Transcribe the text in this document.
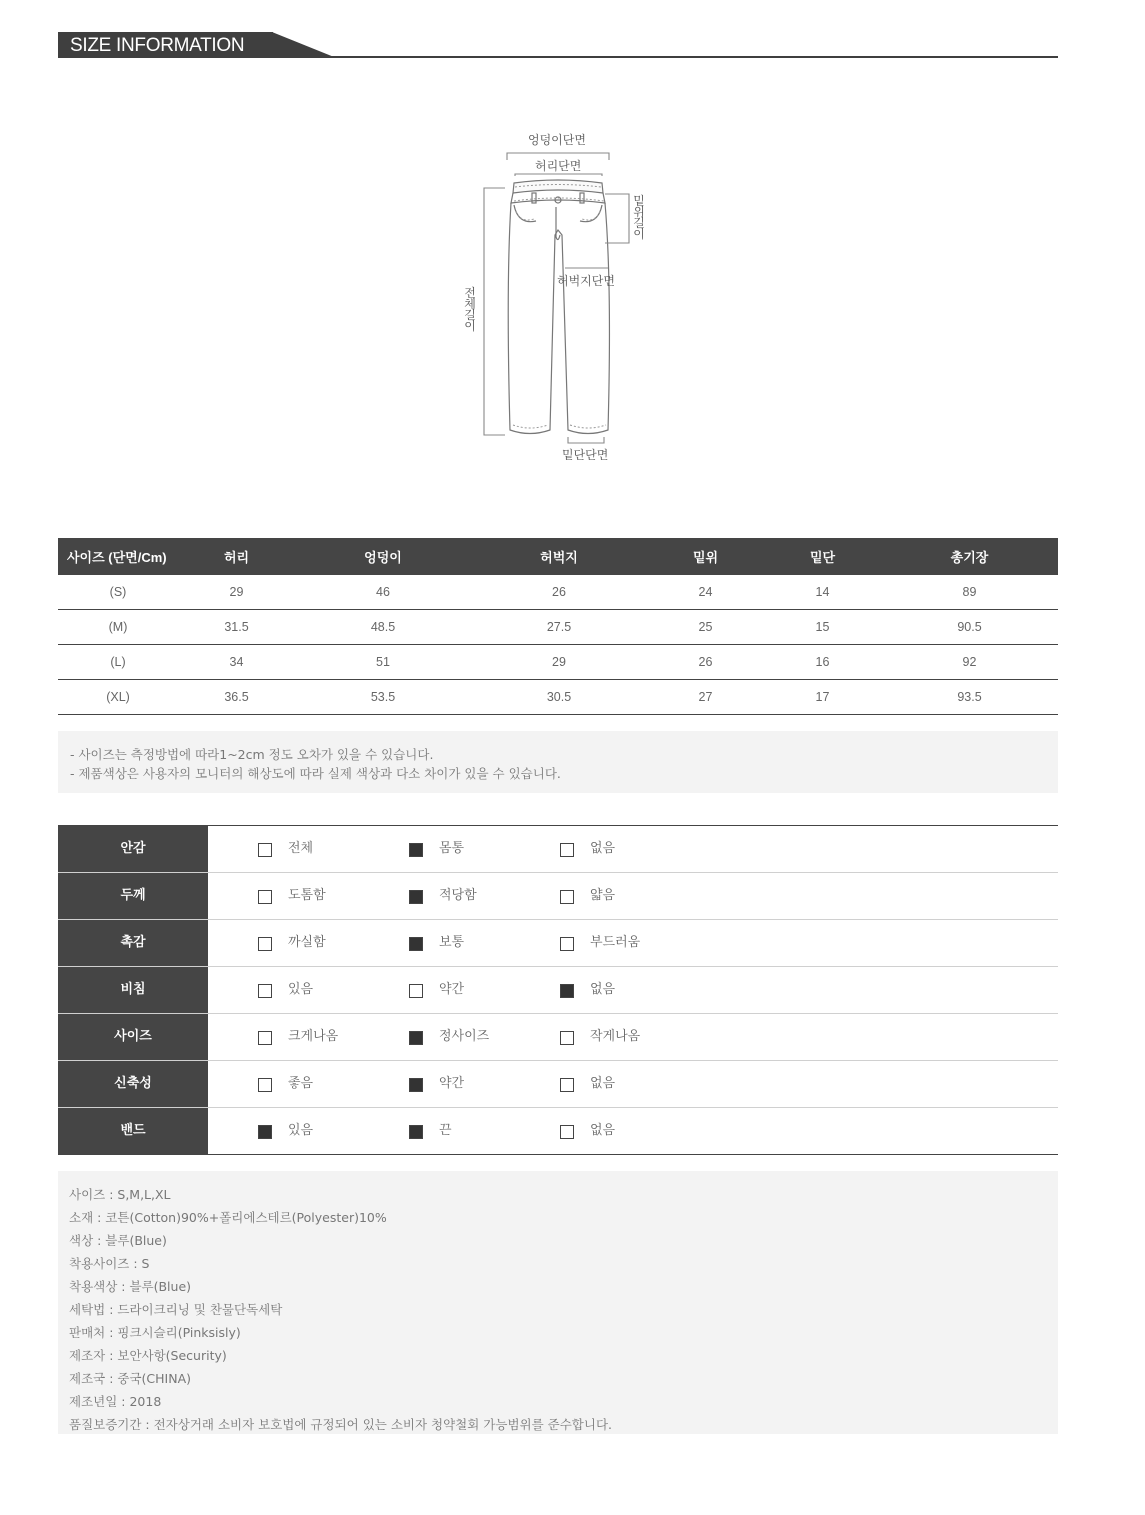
SIZE INFORMATION
엉덩이단면
허리단면
밑위길이
허벅지단면
전체길이
밑단단면
사이즈 (단면/Cm)	허리	엉덩이	허벅지	밑위	밑단	총기장
(S)	29	46	26	24	14	89
(M)	31.5	48.5	27.5	25	15	90.5
(L)	34	51	29	26	16	92
(XL)	36.5	53.5	30.5	27	17	93.5
- 사이즈는 측정방법에 따라1~2cm 정도 오차가 있을 수 있습니다.
- 제품색상은 사용자의 모니터의 해상도에 따라 실제 색상과 다소 차이가 있을 수 있습니다.
안감	전체	몸통	없음
두께	도톰함	적당함	얇음
촉감	까실함	보통	부드러움
비침	있음	약간	없음
사이즈	크게나옴	정사이즈	작게나옴
신축성	좋음	약간	없음
밴드	있음	끈	없음
사이즈 : S,M,L,XL
소재 : 코튼(Cotton)90%+폴리에스테르(Polyester)10%
색상 : 블루(Blue)
착용사이즈 : S
착용색상 : 블루(Blue)
세탁법 : 드라이크리닝 및 찬물단독세탁
판매처 : 핑크시슬리(Pinksisly)
제조자 : 보안사항(Security)
제조국 : 중국(CHINA)
제조년일 : 2018
품질보증기간 : 전자상거래 소비자 보호법에 규정되어 있는 소비자 청약철회 가능범위를 준수합니다.
